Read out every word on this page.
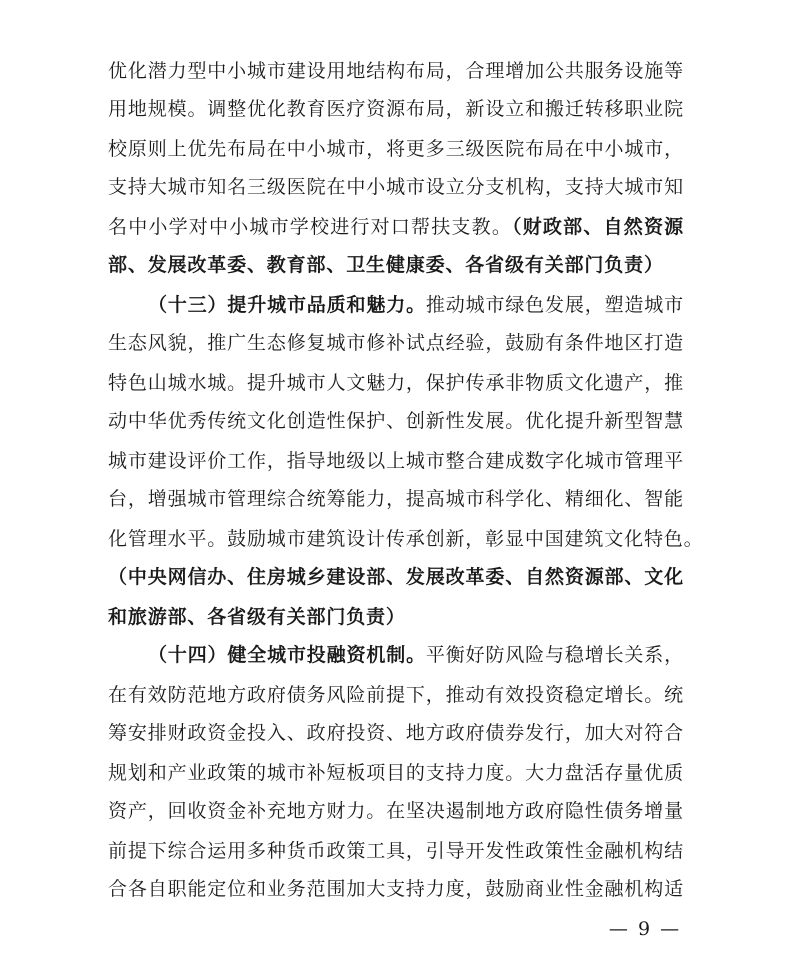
优化潜力型中小城市建设用地结构布局，合理增加公共服务设施等
用地规模。调整优化教育医疗资源布局，新设立和搬迁转移职业院
校原则上优先布局在中小城市，将更多三级医院布局在中小城市，
支持大城市知名三级医院在中小城市设立分支机构，支持大城市知
名中小学对中小城市学校进行对口帮扶支教。（财政部、自然资源
部、发展改革委、教育部、卫生健康委、各省级有关部门负责）
（十三）提升城市品质和魅力。推动城市绿色发展，塑造城市
生态风貌，推广生态修复城市修补试点经验，鼓励有条件地区打造
特色山城水城。提升城市人文魅力，保护传承非物质文化遗产，推
动中华优秀传统文化创造性保护、创新性发展。优化提升新型智慧
城市建设评价工作，指导地级以上城市整合建成数字化城市管理平
台，增强城市管理综合统筹能力，提高城市科学化、精细化、智能
化管理水平。鼓励城市建筑设计传承创新，彰显中国建筑文化特色。
（中央网信办、住房城乡建设部、发展改革委、自然资源部、文化
和旅游部、各省级有关部门负责）
（十四）健全城市投融资机制。平衡好防风险与稳增长关系，
在有效防范地方政府债务风险前提下，推动有效投资稳定增长。统
筹安排财政资金投入、政府投资、地方政府债券发行，加大对符合
规划和产业政策的城市补短板项目的支持力度。大力盘活存量优质
资产，回收资金补充地方财力。在坚决遏制地方政府隐性债务增量
前提下综合运用多种货币政策工具，引导开发性政策性金融机构结
合各自职能定位和业务范围加大支持力度，鼓励商业性金融机构适
— 9 —
